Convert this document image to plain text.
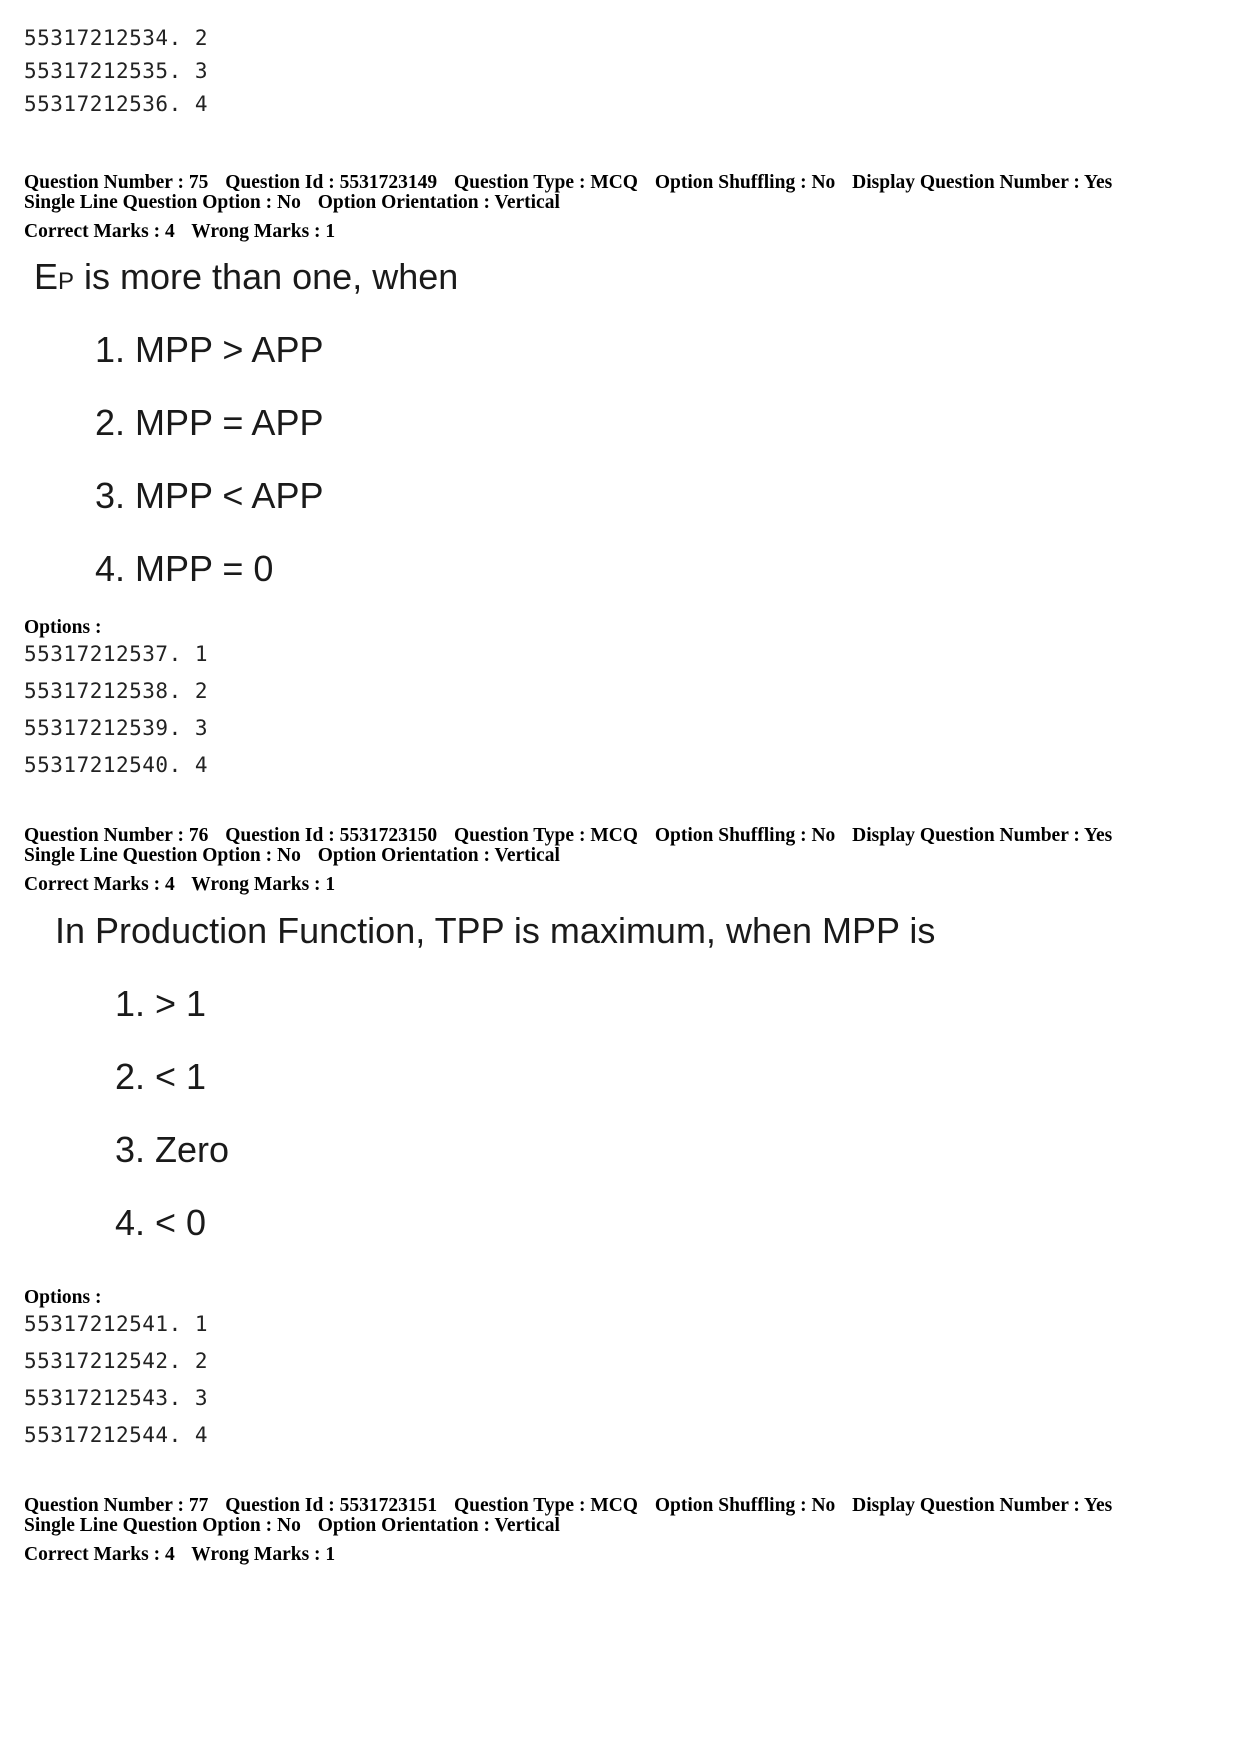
55317212534. 2
55317212535. 3
55317212536. 4
Question Number : 75 Question Id : 5531723149 Question Type : MCQ Option Shuffling : No Display Question Number : Yes
Single Line Question Option : No Option Orientation : Vertical
Correct Marks : 4 Wrong Marks : 1
EP is more than one, when
1. MPP > APP
2. MPP = APP
3. MPP < APP
4. MPP = 0
Options :
55317212537. 1
55317212538. 2
55317212539. 3
55317212540. 4
Question Number : 76 Question Id : 5531723150 Question Type : MCQ Option Shuffling : No Display Question Number : Yes
Single Line Question Option : No Option Orientation : Vertical
Correct Marks : 4 Wrong Marks : 1
In Production Function, TPP is maximum, when MPP is
1. > 1
2. < 1
3. Zero
4. < 0
Options :
55317212541. 1
55317212542. 2
55317212543. 3
55317212544. 4
Question Number : 77 Question Id : 5531723151 Question Type : MCQ Option Shuffling : No Display Question Number : Yes
Single Line Question Option : No Option Orientation : Vertical
Correct Marks : 4 Wrong Marks : 1
